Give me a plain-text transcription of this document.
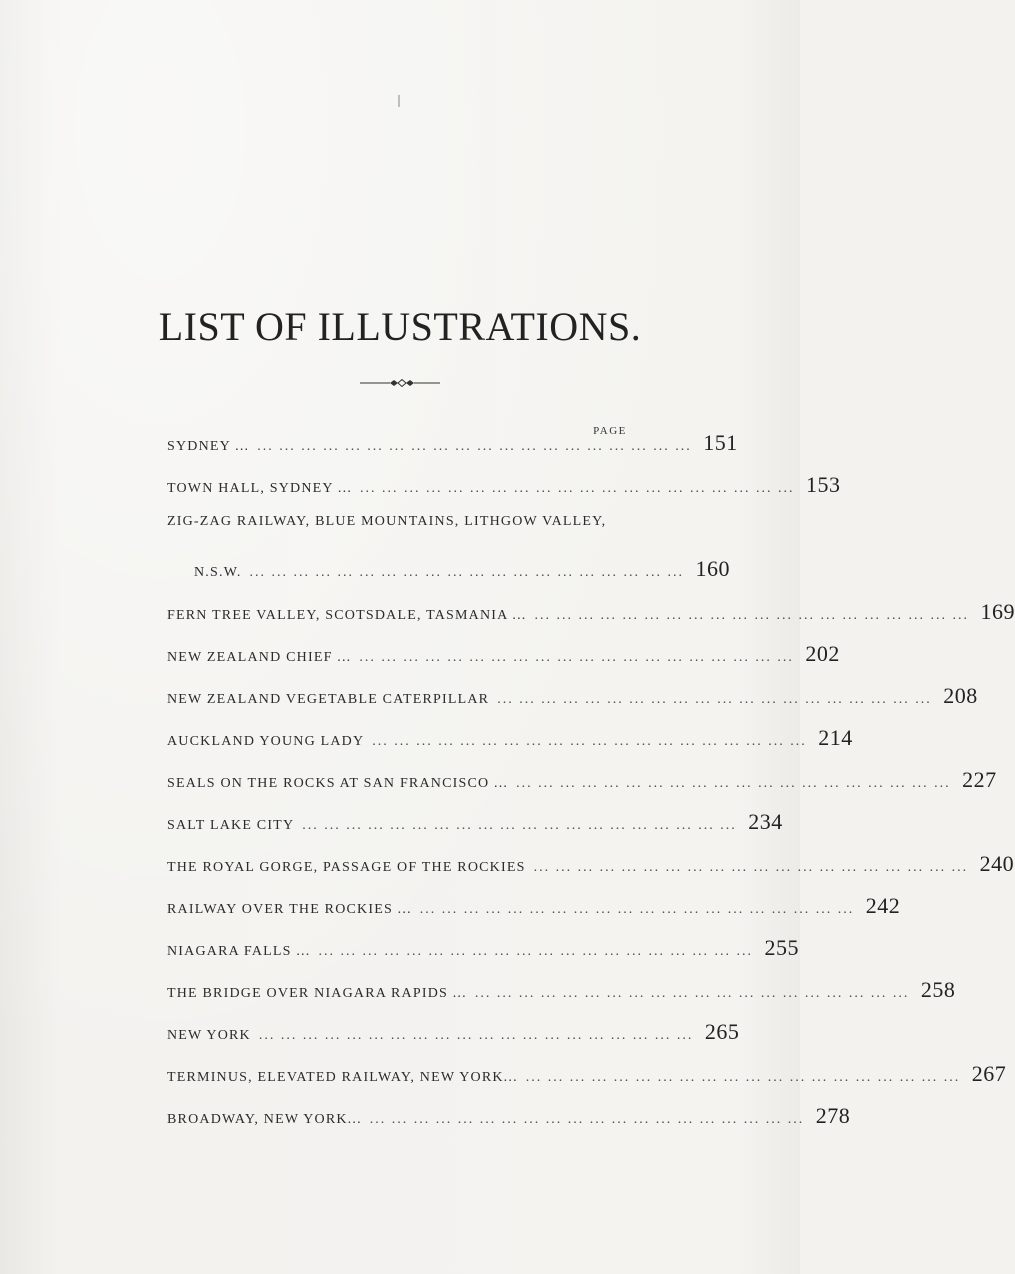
LIST OF ILLUSTRATIONS.
PAGE
SYDNEY ... ... ... ... ... ... ... ... ... ... ... ... ... ... ... ... ... ... ... ... ... 151
TOWN HALL, SYDNEY ... ... ... ... ... ... ... ... ... ... ... ... ... ... ... ... ... ... ... ... ... 153
ZIG-ZAG RAILWAY, BLUE MOUNTAINS, LITHGOW VALLEY,
N.S.W. ... ... ... ... ... ... ... ... ... ... ... ... ... ... ... ... ... ... ... ... 160
FERN TREE VALLEY, SCOTSDALE, TASMANIA ... ... ... ... ... ... ... ... ... ... ... ... ... ... ... ... ... ... ... ... ... 169
NEW ZEALAND CHIEF ... ... ... ... ... ... ... ... ... ... ... ... ... ... ... ... ... ... ... ... ... 202
NEW ZEALAND VEGETABLE CATERPILLAR ... ... ... ... ... ... ... ... ... ... ... ... ... ... ... ... ... ... ... ... 208
AUCKLAND YOUNG LADY ... ... ... ... ... ... ... ... ... ... ... ... ... ... ... ... ... ... ... ... 214
SEALS ON THE ROCKS AT SAN FRANCISCO ... ... ... ... ... ... ... ... ... ... ... ... ... ... ... ... ... ... ... ... ... 227
SALT LAKE CITY ... ... ... ... ... ... ... ... ... ... ... ... ... ... ... ... ... ... ... ... 234
THE ROYAL GORGE, PASSAGE OF THE ROCKIES ... ... ... ... ... ... ... ... ... ... ... ... ... ... ... ... ... ... ... ... 240
RAILWAY OVER THE ROCKIES ... ... ... ... ... ... ... ... ... ... ... ... ... ... ... ... ... ... ... ... ... 242
NIAGARA FALLS ... ... ... ... ... ... ... ... ... ... ... ... ... ... ... ... ... ... ... ... ... 255
THE BRIDGE OVER NIAGARA RAPIDS ... ... ... ... ... ... ... ... ... ... ... ... ... ... ... ... ... ... ... ... ... 258
NEW YORK ... ... ... ... ... ... ... ... ... ... ... ... ... ... ... ... ... ... ... ... 265
TERMINUS, ELEVATED RAILWAY, NEW YORK... ... ... ... ... ... ... ... ... ... ... ... ... ... ... ... ... ... ... ... ... 267
BROADWAY, NEW YORK... ... ... ... ... ... ... ... ... ... ... ... ... ... ... ... ... ... ... ... ... 278
